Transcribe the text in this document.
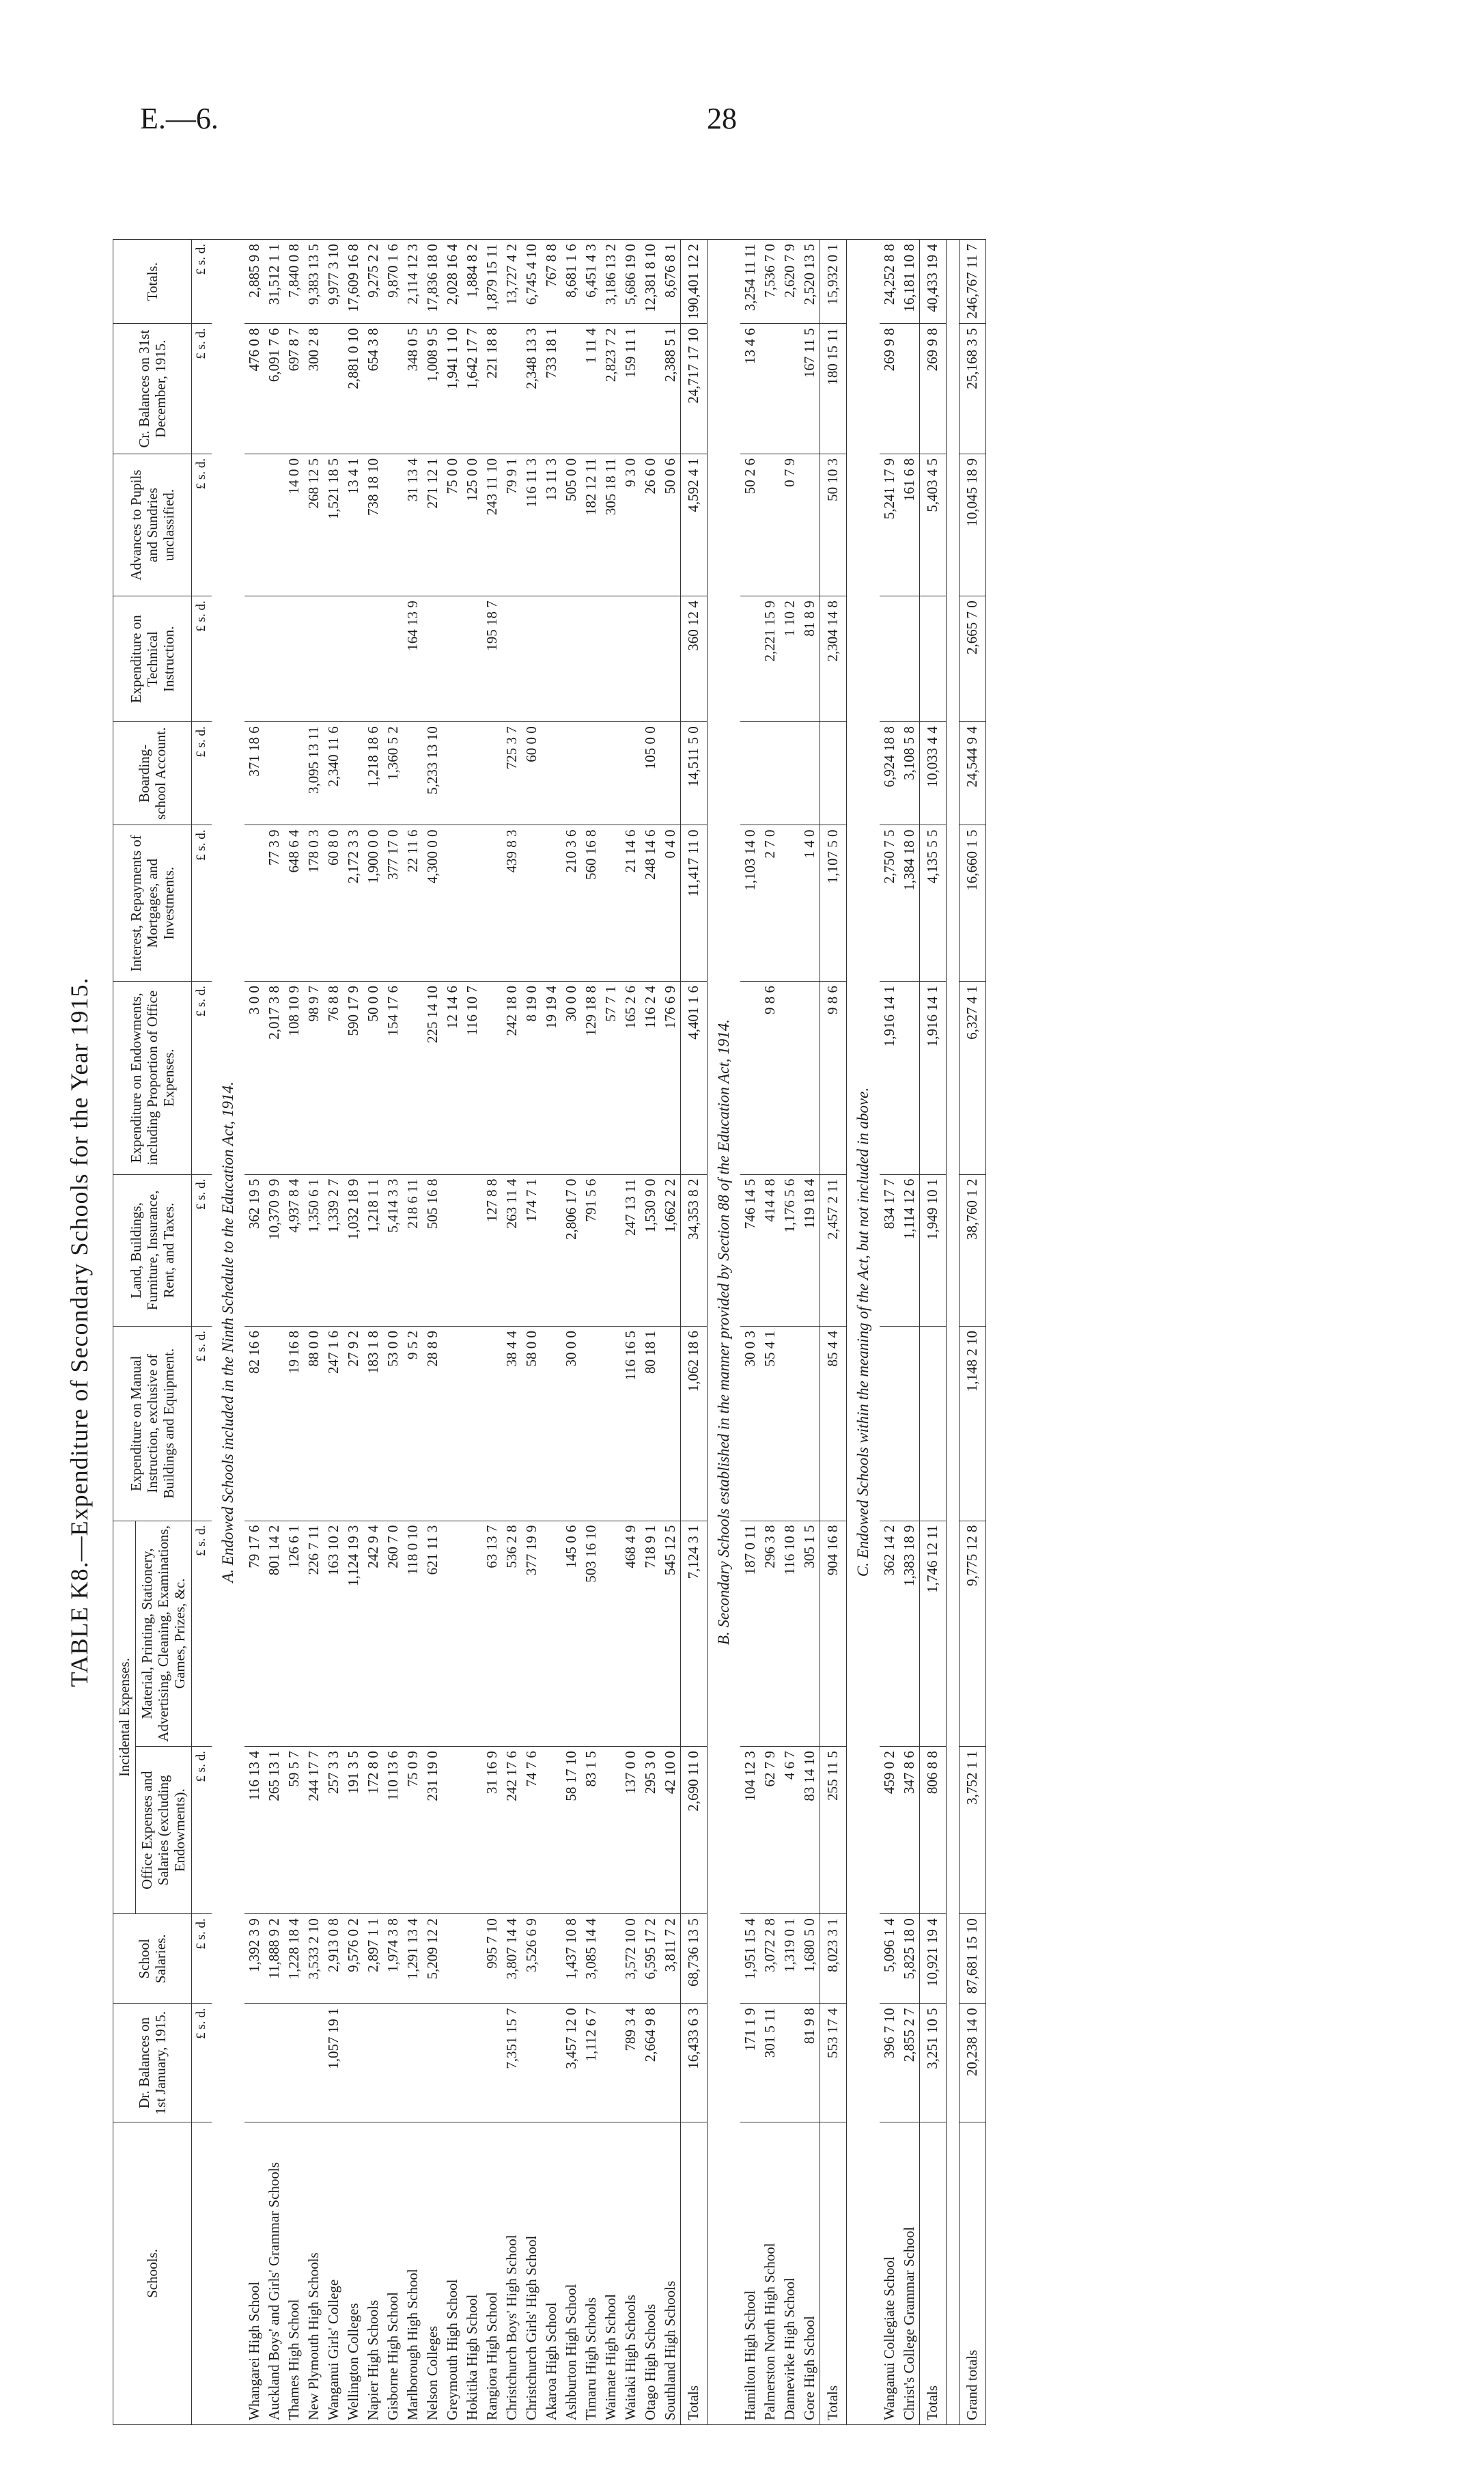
E.—6.	28
TABLE K8.—Expenditure of Secondary Schools for the Year 1915.
Schools.	Dr. Balances on 1st January, 1915.	School Salaries.	Incidental Expenses.		Expenditure on Manual Instruction, exclusive of Buildings and Equipment.	Land, Buildings, Furniture, Insurance, Rent, and Taxes.	Expenditure on Endowments, including Proportion of Office Expenses.	Interest, Repayments of Mortgages, and Investments.	Boarding-school Account.	Expenditure on Technical Instruction.	Advances to Pupils and Sundries unclassified.	Cr. Balances on 31st December, 1915.	Totals.
			Office Expenses and Salaries (excluding Endowments).	Material, Printing, Stationery, Advertising, Cleaning, Examinations, Games, Prizes, &c.									
	£ s. d.	£ s. d.	£ s. d.	£ s. d.	£ s. d.	£ s. d.	£ s. d.	£ s. d.	£ s. d.	£ s. d.	£ s. d.	£ s. d.	£ s. d.
A. Endowed Schools included in the Ninth Schedule to the Education Act, 1914.													
Whangarei High School		1,392 3 9	116 13 4	79 17 6	82 16 6	362 19 5	3 0 0		371 18 6			476 0 8	2,885 9 8
Auckland Boys' and Girls' Grammar Schools		11,888 9 2	265 13 1	801 14 2		10,370 9 9	2,017 3 8	77 3 9				6,091 7 6	31,512 1 1
Thames High School		1,228 18 4	59 5 7	126 6 1	19 16 8	4,937 8 4	108 10 9	648 6 4			14 0 0	697 8 7	7,840 0 8
New Plymouth High Schools		3,533 2 10	244 17 7	226 7 11	88 0 0	1,350 6 1	98 9 7	178 0 3	3,095 13 11		268 12 5	300 2 8	9,383 13 5
Wanganui Girls' College	1,057 19 1	2,913 0 8	257 3 3	163 10 2	247 1 6	1,339 2 7	76 8 8	60 8 0	2,340 11 6		1,521 18 5		9,977 3 10
Wellington Colleges		9,576 0 2	191 3 5	1,124 19 3	27 9 2	1,032 18 9	590 17 9	2,172 3 3			13 4 1	2,881 0 10	17,609 16 8
Napier High Schools		2,897 1 1	172 8 0	242 9 4	183 1 8	1,218 1 1	50 0 0	1,900 0 0	1,218 18 6		738 18 10	654 3 8	9,275 2 2
Gisborne High School		1,974 3 8	110 13 6	260 7 0	53 0 0	5,414 3 3	154 17 6	377 17 0	1,360 5 2				9,870 1 6
Marlborough High School		1,291 13 4	75 0 9	118 0 10	9 5 2	218 6 11		22 11 6		164 13 9	31 13 4	348 0 5	2,114 12 3
Nelson Colleges		5,209 12 2	231 19 0	621 11 3	28 8 9	505 16 8	225 14 10	4,300 0 0	5,233 13 10		271 12 1	1,008 9 5	17,836 18 0
Greymouth High School							12 14 6				75 0 0	1,941 1 10	2,028 16 4
Hokitika High School							116 10 7				125 0 0	1,642 17 7	1,884 8 2
Rangiora High School		995 7 10	31 16 9	63 13 7		127 8 8				195 18 7	243 11 10	221 18 8	1,879 15 11
Christchurch Boys' High School	7,351 15 7	3,807 14 4	242 17 6	536 2 8	38 4 4	263 11 4	242 18 0	439 8 3	725 3 7		79 9 1		13,727 4 2
Christchurch Girls' High School		3,526 6 9	74 7 6	377 19 9	58 0 0	174 7 1	8 19 0		60 0 0		116 11 3	2,348 13 3	6,745 4 10
Akaroa High School							19 19 4				13 11 3	733 18 1	767 8 8
Ashburton High School	3,457 12 0	1,437 10 8	58 17 10	145 0 6	30 0 0	2,806 17 0	30 0 0	210 3 6			505 0 0		8,681 1 6
Timaru High Schools	1,112 6 7	3,085 14 4	83 1 5	503 16 10		791 5 6	129 18 8	560 16 8			182 12 11	1 11 4	6,451 4 3
Waimate High School							57 7 1				305 18 11	2,823 7 2	3,186 13 2
Waitaki High Schools	789 3 4	3,572 10 0	137 0 0	468 4 9	116 16 5	247 13 11	165 2 6	21 14 6			9 3 0	159 11 1	5,686 19 0
Otago High Schools	2,664 9 8	6,595 17 2	295 3 0	718 9 1	80 18 1	1,530 9 0	116 2 4	248 14 6	105 0 0		26 6 0		12,381 8 10
Southland High Schools		3,811 7 2	42 10 0	545 12 5		1,662 2 2	176 6 9	0 4 0			50 0 6	2,388 5 1	8,676 8 1
Totals	16,433 6 3	68,736 13 5	2,690 11 0	7,124 3 1	1,062 18 6	34,353 8 2	4,401 1 6	11,417 11 0	14,511 5 0	360 12 4	4,592 4 1	24,717 17 10	190,401 12 2
B. Secondary Schools established in the manner provided by Section 88 of the Education Act, 1914.													
Hamilton High School	171 1 9	1,951 15 4	104 12 3	187 0 11	30 0 3	746 14 5		1,103 14 0			50 2 6	13 4 6	3,254 11 11
Palmerston North High School	301 5 11	3,072 2 8	62 7 9	296 3 8	55 4 1	414 4 8	9 8 6	2 7 0		2,221 15 9			7,536 7 0
Dannevirke High School		1,319 0 1	4 6 7	116 10 8		1,176 5 6				1 10 2	0 7 9		2,620 7 9
Gore High School	81 9 8	1,680 5 0	83 14 10	305 1 5		119 18 4		1 4 0		81 8 9		167 11 5	2,520 13 5
Totals	553 17 4	8,023 3 1	255 11 5	904 16 8	85 4 4	2,457 2 11	9 8 6	1,107 5 0		2,304 14 8	50 10 3	180 15 11	15,932 0 1
C. Endowed Schools within the meaning of the Act, but not included in above.													
Wanganui Collegiate School	396 7 10	5,096 1 4	459 0 2	362 14 2		834 17 7	1,916 14 1	2,750 7 5	6,924 18 8		5,241 17 9	269 9 8	24,252 8 8
Christ's College Grammar School	2,855 2 7	5,825 18 0	347 8 6	1,383 18 9		1,114 12 6		1,384 18 0	3,108 5 8		161 6 8		16,181 10 8
Totals	3,251 10 5	10,921 19 4	806 8 8	1,746 12 11		1,949 10 1	1,916 14 1	4,135 5 5	10,033 4 4		5,403 4 5	269 9 8	40,433 19 4

Grand totals	20,238 14 0	87,681 15 10	3,752 1 1	9,775 12 8	1,148 2 10	38,760 1 2	6,327 4 1	16,660 1 5	24,544 9 4	2,665 7 0	10,045 18 9	25,168 3 5	246,767 11 7
